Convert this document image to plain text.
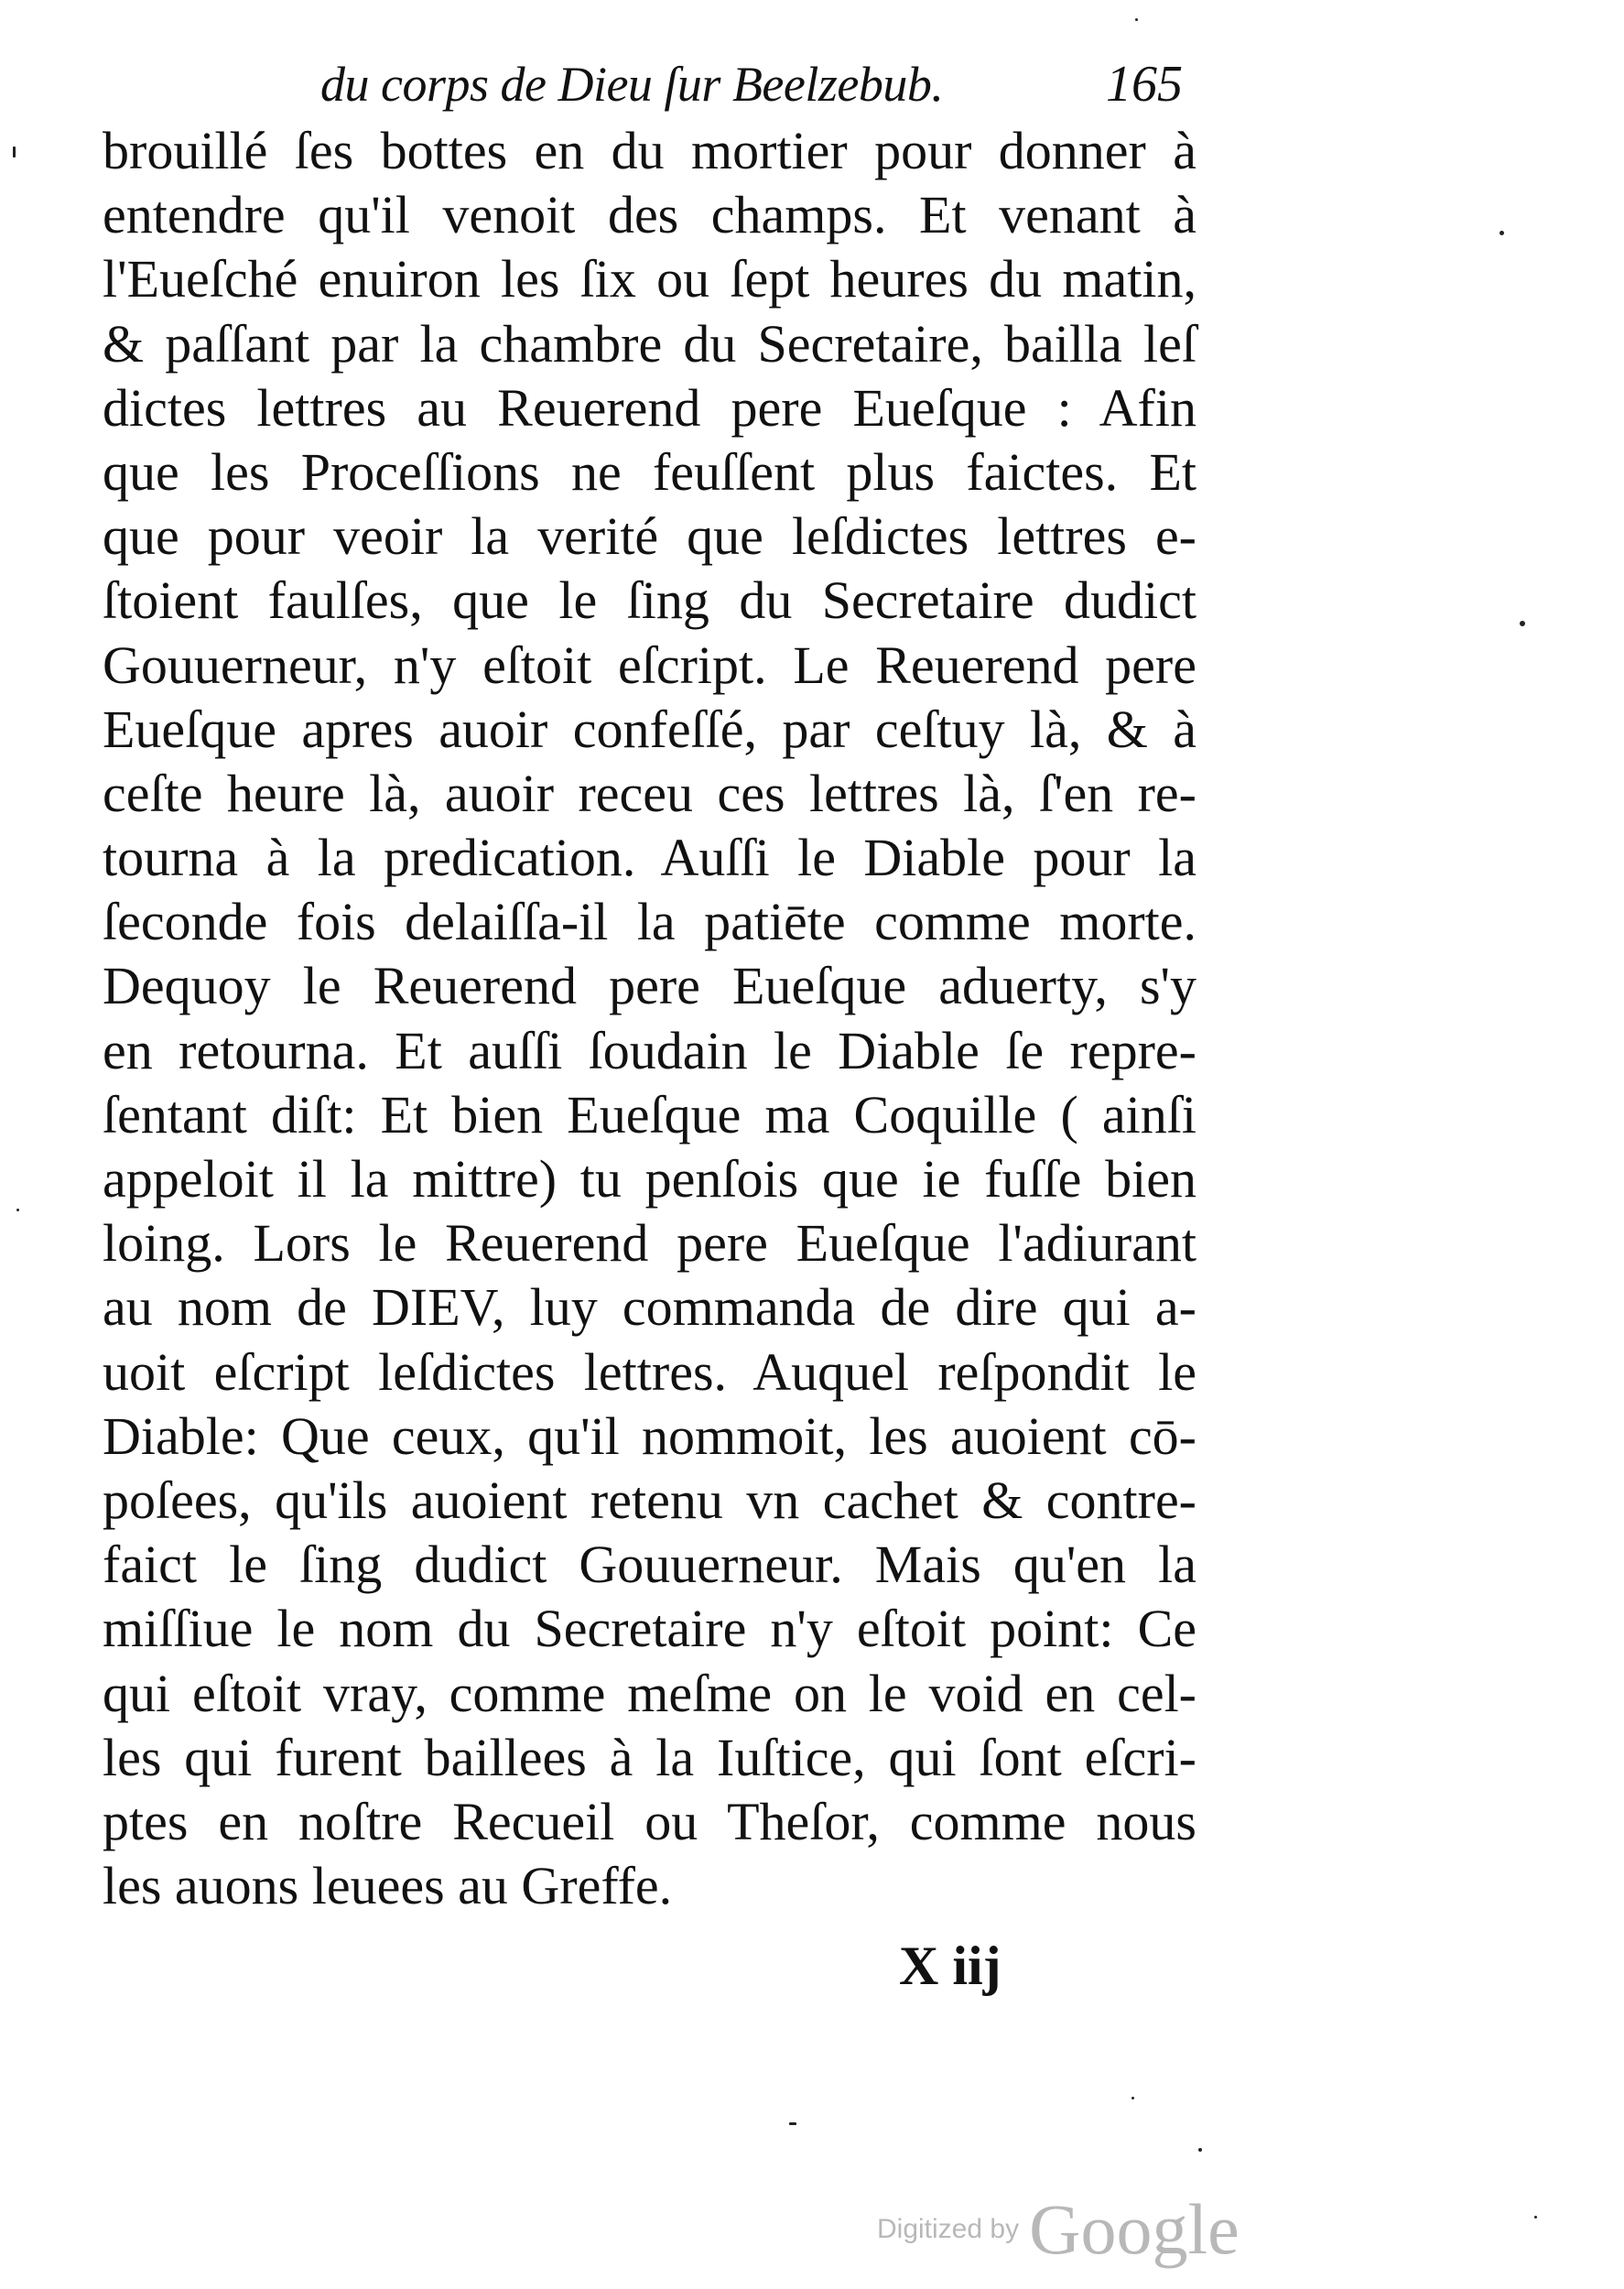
du corps de Dieu ſur Beelzebub.	165
brouillé ſes bottes en du mortier pour donner à
entendre qu'il venoit des champs. Et venant à
l'Eueſché enuiron les ſix ou ſept heures du matin,
& paſſant par la chambre du Secretaire, bailla leſ
dictes lettres au Reuerend pere Eueſque : Afin
que les Proceſſions ne feuſſent plus faictes. Et
que pour veoir la verité que leſdictes lettres e-
ſtoient faulſes, que le ſing du Secretaire dudict
Gouuerneur, n'y eſtoit eſcript. Le Reuerend pere
Eueſque apres auoir confeſſé, par ceſtuy là, & à
ceſte heure là, auoir receu ces lettres là, ſ'en re-
tourna à la predication. Auſſi le Diable pour la
ſeconde fois delaiſſa-il la patiēte comme morte.
Dequoy le Reuerend pere Eueſque aduerty, s'y
en retourna. Et auſſi ſoudain le Diable ſe repre-
ſentant diſt: Et bien Eueſque ma Coquille ( ainſi
appeloit il la mittre) tu penſois que ie fuſſe bien
loing. Lors le Reuerend pere Eueſque l'adiurant
au nom de DIEV, luy commanda de dire qui a-
uoit eſcript leſdictes lettres. Auquel reſpondit le
Diable: Que ceux, qu'il nommoit, les auoient cō-
poſees, qu'ils auoient retenu vn cachet & contre-
faict le ſing dudict Gouuerneur. Mais qu'en la
miſſiue le nom du Secretaire n'y eſtoit point: Ce
qui eſtoit vray, comme meſme on le void en cel-
les qui furent baillees à la Iuſtice, qui ſont eſcri-
ptes en noſtre Recueil ou Theſor, comme nous
les auons leuees au Greffe.
X iij
Digitized by Google
